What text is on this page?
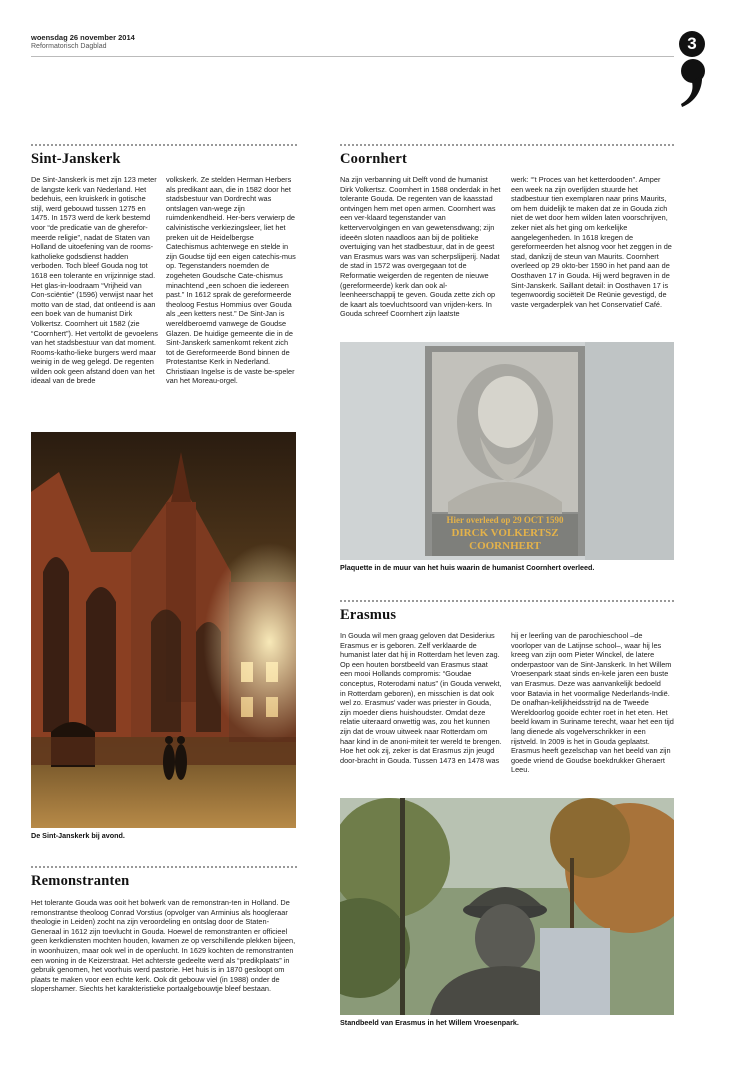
woensdag 26 november 2014
Reformatorisch Dagblad	3
Sint-Janskerk
De Sint-Janskerk is met zijn 123 meter de langste kerk van Nederland. Het bedehuis, een kruiskerk in gotische stijl, werd gebouwd tussen 1275 en 1475. In 1573 werd de kerk bestemd voor “de predicatie van de gherefor-meerde religie”, nadat de Staten van Holland de uitoefening van de rooms-katholieke godsdienst hadden verboden. Toch bleef Gouda nog tot 1618 een tolerante en vrijzinnige stad. Het glas-in-loodraam “Vrijheid van Con-sciëntie” (1596) verwijst naar het motto van de stad, dat ontleend is aan een boek van de humanist Dirk Volkertsz. Coornhert uit 1582 (zie “Coornhert”). Het vertolkt de gevoelens van het stadsbestuur van dat moment. Rooms-katho-lieke burgers werd maar weinig in de weg gelegd. De regenten wilden ook geen afstand doen van het ideaal van de brede
volkskerk. Ze stelden Herman Herbers als predikant aan, die in 1582 door het stadsbestuur van Dordrecht was ontslagen van-wege zijn ruimdenkendheid. Her-bers verwierp de calvinistische verkiezingsleer, liet het preken uit de Heidelbergse Catechismus achterwege en stelde in zijn Goudse tijd een eigen catechis-mus op. Tegenstanders noemden de zogeheten Goudsche Cate-chismus minachtend „een schoen die iedereen past.” In 1612 sprak de gereformeerde theoloog Festus Hommius over Gouda als „een ketters nest.” De Sint-Jan is wereldberoemd vanwege de Goudse Glazen. De huidige gemeente die in de Sint-Janskerk samenkomt rekent zich tot de Gereformeerde Bond binnen de Protestantse Kerk in Nederland. Christiaan Ingelse is de vaste be-speler van het Moreau-orgel.
De Sint-Janskerk bij avond.
Remonstranten
Het tolerante Gouda was ooit het bolwerk van de remonstran-ten in Holland. De remonstrantse theoloog Conrad Vorstius (opvolger van Arminius als hoogleraar theologie in Leiden) zocht na zijn veroordeling en ontslag door de Staten-Generaal in 1612 zijn toevlucht in Gouda. Hoewel de remonstranten er officieel geen kerkdiensten mochten houden, kwamen ze op verschillende plekken bijeen, in woonhuizen, maar ook wel in de openlucht. In 1629 kochten de remonstranten een woning in de Keizerstraat. Het achterste gedeelte werd als “predikplaats” in gebruik genomen, het voorhuis werd pastorie. Het huis is in 1870 gesloopt om plaats te maken voor een echte kerk. Ook dit gebouw viel (in 1988) onder de slopershamer. Siechts het karakteristieke portaalgebouwtje bleef bestaan.
Coornhert
Na zijn verbanning uit Delft vond de humanist Dirk Volkertsz. Coornhert in 1588 onderdak in het tolerante Gouda. De regenten van de kaasstad ontvingen hem met open armen. Coornhert was een ver-klaard tegenstander van kettervervolgingen en van gewetensdwang; zijn ideeën sloten naadloos aan bij de politieke overtuiging van het stadbestuur, dat in de geest van Erasmus wars was van scherpslijperij. Nadat de stad in 1572 was overgegaan tot de Reformatie weigerden de regenten de nieuwe (gereformeerde) kerk dan ook al-leenheerschappij te geven. Gouda zette zich op de kaart als toevluchtsoord van vrijden-kers. In Gouda schreef Coornhert zijn laatste
werk: “’t Proces van het ketterdooden”. Amper een week na zijn overlijden stuurde het stadbestuur tien exemplaren naar prins Maurits, om hem duidelijk te maken dat ze in Gouda zich niet de wet door hem wilden laten voorschrijven, zeker niet als het ging om kerkelijke aangelegenheden. In 1618 kregen de gereformeerden het alsnog voor het zeggen in de stad, dankzij de steun van Maurits. Coornhert overleed op 29 okto-ber 1590 in het pand aan de Oosthaven 17 in Gouda. Hij werd begraven in de Sint-Janskerk. Saillant detail: in Oosthaven 17 is tegenwoordig sociëteit De Reünie gevestigd, de vaste vergaderplek van het Conservatief Café.
Hier overleed op 29 OCT 1590
DIRCK VOLKERTSZ
COORNHERT
Plaquette in de muur van het huis waarin de humanist Coornhert overleed.
Erasmus
In Gouda wil men graag geloven dat Desiderius Erasmus er is geboren. Zelf verklaarde de humanist later dat hij in Rotterdam het leven zag. Op een houten borstbeeld van Erasmus staat een mooi Hollands compromis: “Goudae conceptus, Roterodami natus” (in Gouda verwekt, in Rotterdam geboren), en misschien is dat ook wel zo. Erasmus’ vader was priester in Gouda, zijn moeder diens huishoudster. Omdat deze relatie uiteraard onwettig was, zou het kunnen zijn dat de vrouw uitweek naar Rotterdam om haar kind in de anoni-miteit ter wereld te brengen. Hoe het ook zij, zeker is dat Erasmus zijn jeugd door-bracht in Gouda. Tussen 1473 en 1478 was
hij er leerling van de parochieschool –de voorloper van de Latijnse school–, waar hij les kreeg van zijn oom Pieter Winckel, de latere onderpastoor van de Sint-Janskerk. In het Willem Vroesenpark staat sinds en-kele jaren een buste van Erasmus. Deze was aanvankelijk bedoeld voor Batavia in het voormalige Nederlands-Indië. De onafhan-kelijkheidsstrijd na de Tweede Wereldoorlog gooide echter roet in het eten. Het beeld kwam in Suriname terecht, waar het een tijd lang dienede als vogelverschrikker in een rijstveld. In 2009 is het in Gouda geplaatst. Erasmus heeft gezelschap van het beeld van zijn goede vriend de Goudse boekdrukker Gheraert Leeu.
Standbeeld van Erasmus in het Willem Vroesenpark.
